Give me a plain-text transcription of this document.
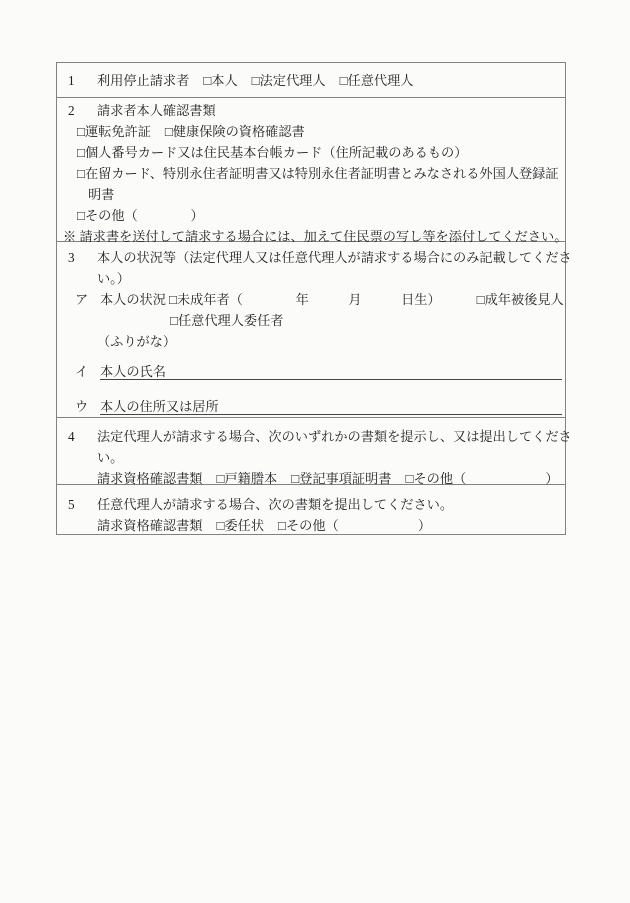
1 利用停止請求者 □本人 □法定代理人 □任意代理人
2 請求者本人確認書類
□運転免許証 □健康保険の資格確認書
□個人番号カード又は住民基本台帳カード（住所記載のあるもの）
□在留カード、特別永住者証明書又は特別永住者証明書とみなされる外国人登録証
明書
□その他（　　　　）
※ 請求書を送付して請求する場合には、加えて住民票の写し等を添付してください。
3 本人の状況等（法定代理人又は任意代理人が請求する場合にのみ記載してくださ
い。）
ア 本人の状況 □未成年者（　　　　年　　　月　　　日生）	□成年被後見人
□任意代理人委任者
（ふりがな）
イ 本人の氏名
ウ 本人の住所又は居所
4 法定代理人が請求する場合、次のいずれかの書類を提示し、又は提出してくださ
い。
請求資格確認書類 □戸籍謄本 □登記事項証明書 □その他（　　　　　　）
5 任意代理人が請求する場合、次の書類を提出してください。
請求資格確認書類 □委任状 □その他（　　　　　　）
